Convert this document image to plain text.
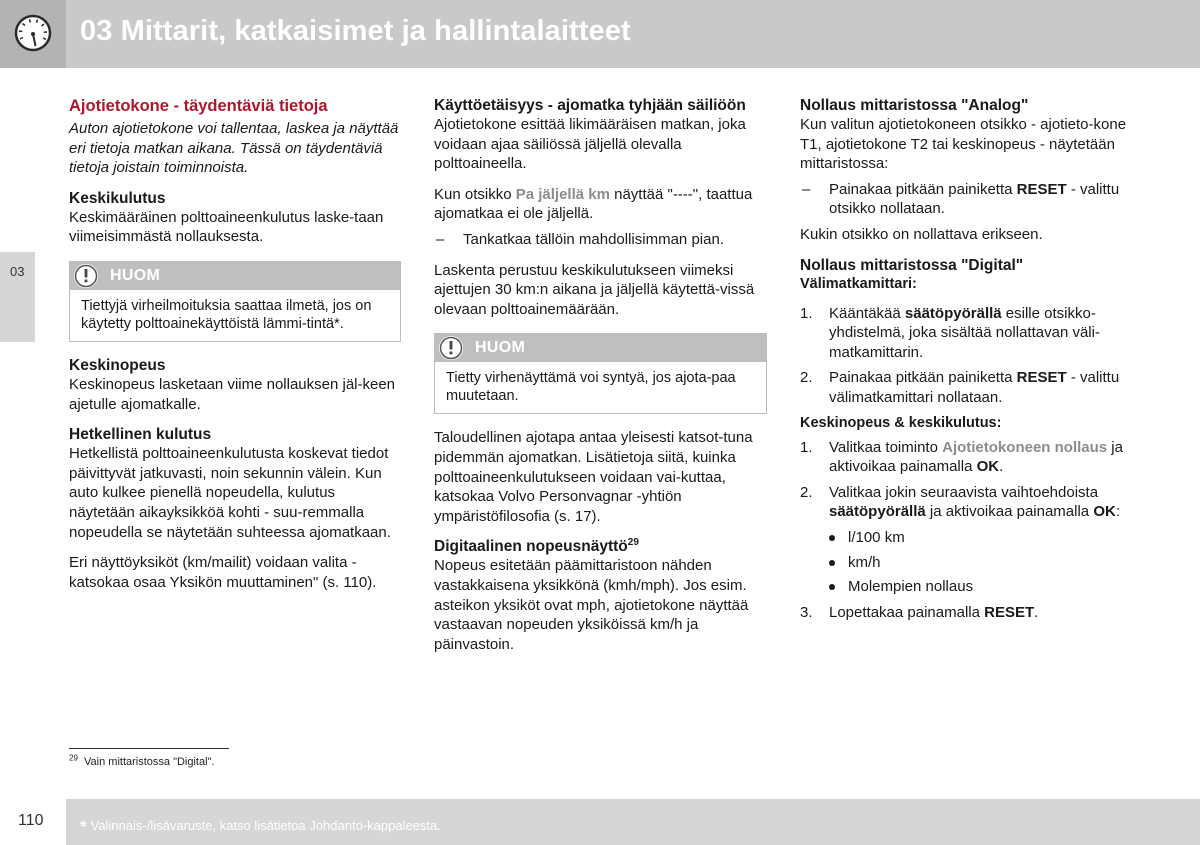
03 Mittarit, katkaisimet ja hallintalaitteet
03
Ajotietokone - täydentäviä tietoja

Auton ajotietokone voi tallentaa, laskea ja näyttää eri tietoja matkan aikana. Tässä on täydentäviä tietoja joistain toiminnoista.

Keskikulutus

Keskimääräinen polttoaineenkulutus laske-taan viimeisimmästä nollauksesta.

HUOM
Tiettyjä virheilmoituksia saattaa ilmetä, jos on käytetty polttoainekäyttöistä lämmi-tintä*.
Keskinopeus

Keskinopeus lasketaan viime nollauksen jäl-keen ajetulle ajomatkalle.

Hetkellinen kulutus

Hetkellistä polttoaineenkulutusta koskevat tiedot päivittyvät jatkuvasti, noin sekunnin välein. Kun auto kulkee pienellä nopeudella, kulutus näytetään aikayksikköä kohti - suu-remmalla nopeudella se näytetään suhteessa ajomatkaan.

Eri näyttöyksiköt (km/mailit) voidaan valita - katsokaa osaa Yksikön muuttaminen" (s. 110).

Käyttöetäisyys - ajomatka tyhjään säiliöön

Ajotietokone esittää likimääräisen matkan, joka voidaan ajaa säiliössä jäljellä olevalla polttoaineella.

Kun otsikko Pa jäljellä km näyttää "----", taattua ajomatkaa ei ole jäljellä.

– Tankatkaa tällöin mahdollisimman pian.

Laskenta perustuu keskikulutukseen viimeksi ajettujen 30 km:n aikana ja jäljellä käytettä-vissä olevaan polttoainemäärään.

HUOM
Tietty virhenäyttämä voi syntyä, jos ajota-paa muutetaan.

Taloudellinen ajotapa antaa yleisesti katsot-tuna pidemmän ajomatkan. Lisätietoja siitä, kuinka polttoaineenkulutukseen voidaan vai-kuttaa, katsokaa Volvo Personvagnar -yhtiön ympäristöfilosofia (s. 17).

Digitaalinen nopeusnäyttö$^{29}$

Nopeus esitetään päämittaristoon nähden vastakkaisena yksikkönä (kmh/mph). Jos esim. asteikon yksiköt ovat mph, ajotietokone näyttää vastaavan nopeuden yksiköissä km/h ja päinvastoin.

Nollaus mittaristossa "Analog"

Kun valitun ajotietokoneen otsikko - ajotieto-kone T1, ajotietokone T2 tai keskinopeus - näytetään mittaristossa:

– Painakaa pitkään painiketta RESET - valittu otsikko nollataan.

Kukin otsikko on nollattava erikseen.

Nollaus mittaristossa "Digital"
Välimatkamittari:
1. Kääntäkää säätöpyörällä esille otsikko-yhdistelmä, joka sisältää nollattavan väli-matkamittarin.
2. Painakaa pitkään painiketta RESET - valittu välimatkamittari nollataan.
Keskinopeus & keskikulutus:
1. Valitkaa toiminto Ajotietokoneen nollaus ja aktivoikaa painamalla OK.
2. Valitkaa jokin seuraavista vaihtoehdoista säätöpyörällä ja aktivoikaa painamalla OK:
l/100 km
km/h
Molempien nollaus
3. Lopettakaa painamalla RESET.
$^{29}$ Vain mittaristossa "Digital".
110 * Valinnais-/lisävaruste, katso lisätietoa Johdanto-kappaleesta.
